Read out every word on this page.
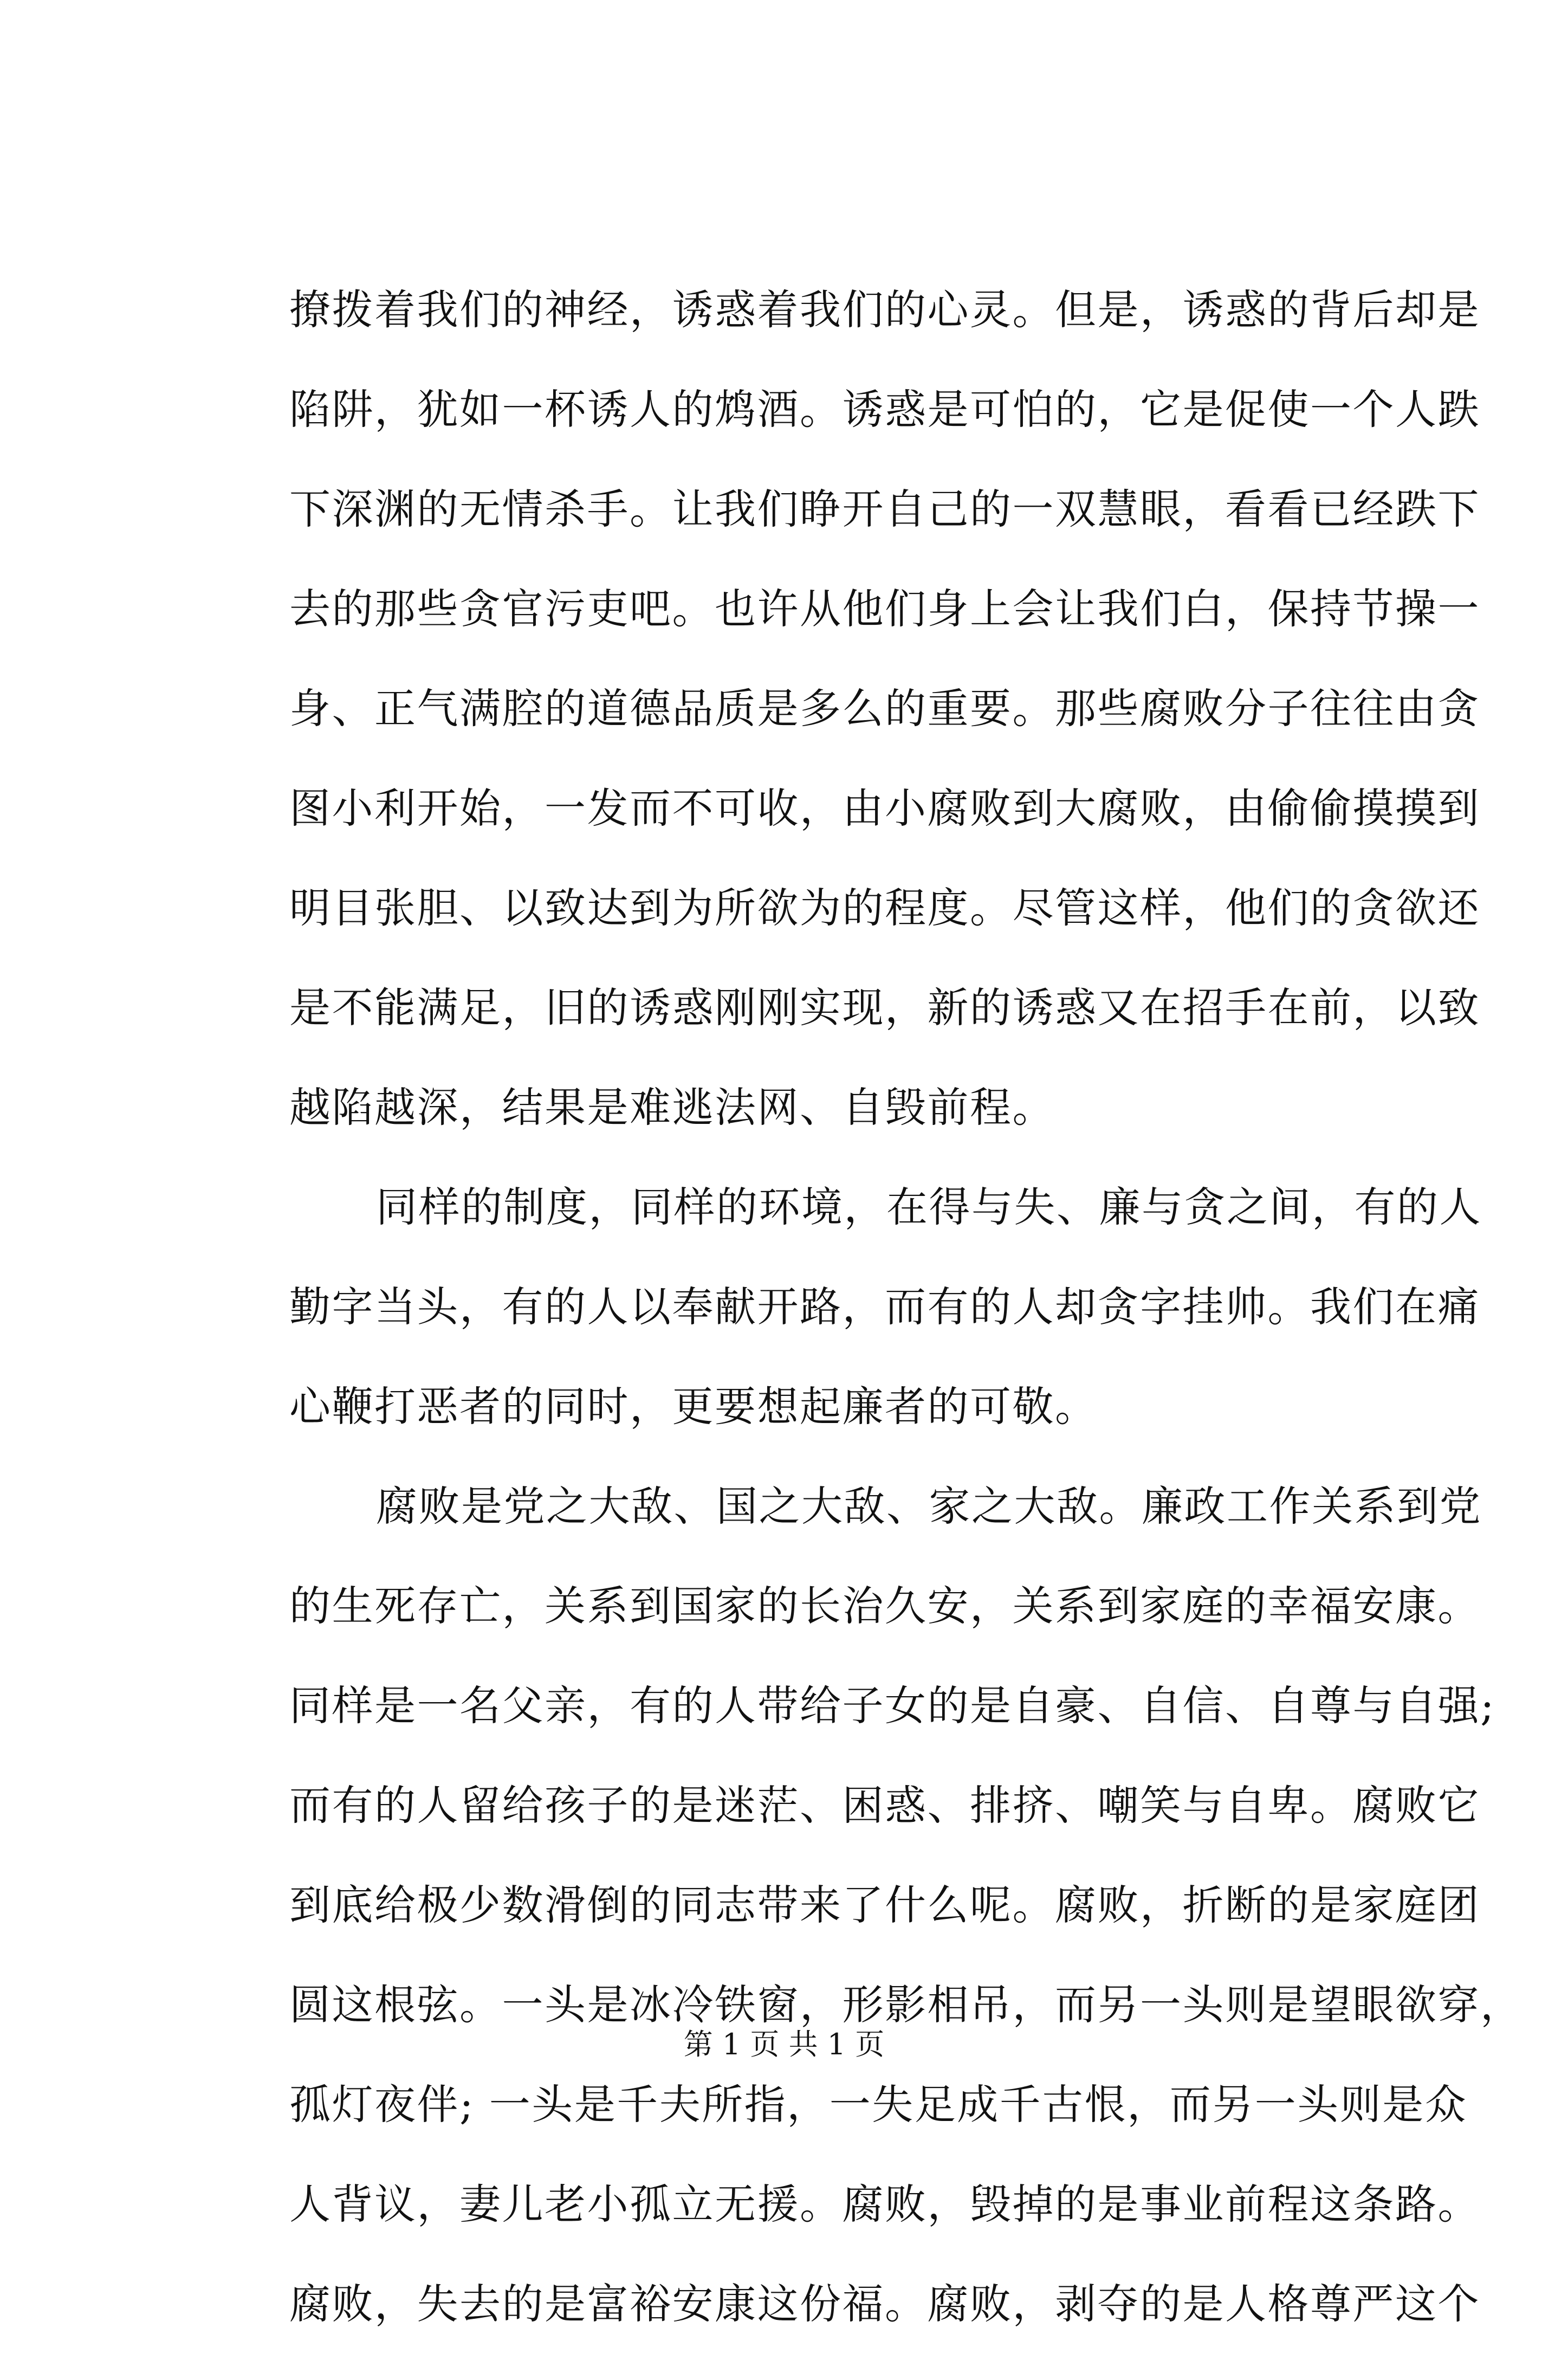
撩拨着我们的神经，诱惑着我们的心灵。但是，诱惑的背后却是
陷阱，犹如一杯诱人的鸩酒。诱惑是可怕的，它是促使一个人跌
下深渊的无情杀手。让我们睁开自己的一双慧眼，看看已经跌下
去的那些贪官污吏吧。也许从他们身上会让我们白，保持节操一
身、正气满腔的道德品质是多么的重要。那些腐败分子往往由贪
图小利开始，一发而不可收，由小腐败到大腐败，由偷偷摸摸到
明目张胆、以致达到为所欲为的程度。尽管这样，他们的贪欲还
是不能满足，旧的诱惑刚刚实现，新的诱惑又在招手在前，以致
越陷越深，结果是难逃法网、自毁前程。
同样的制度，同样的环境，在得与失、廉与贪之间，有的人
勤字当头，有的人以奉献开路，而有的人却贪字挂帅。我们在痛
心鞭打恶者的同时，更要想起廉者的可敬。
腐败是党之大敌、国之大敌、家之大敌。廉政工作关系到党
的生死存亡，关系到国家的长治久安，关系到家庭的幸福安康。
同样是一名父亲，有的人带给子女的是自豪、自信、自尊与自强;
而有的人留给孩子的是迷茫、困惑、排挤、嘲笑与自卑。腐败它
到底给极少数滑倒的同志带来了什么呢。腐败，折断的是家庭团
圆这根弦。一头是冰冷铁窗，形影相吊，而另一头则是望眼欲穿，
孤灯夜伴; 一头是千夫所指，一失足成千古恨，而另一头则是众
人背议，妻儿老小孤立无援。腐败，毁掉的是事业前程这条路。
腐败，失去的是富裕安康这份福。腐败，剥夺的是人格尊严这个
第 1 页 共 1 页
